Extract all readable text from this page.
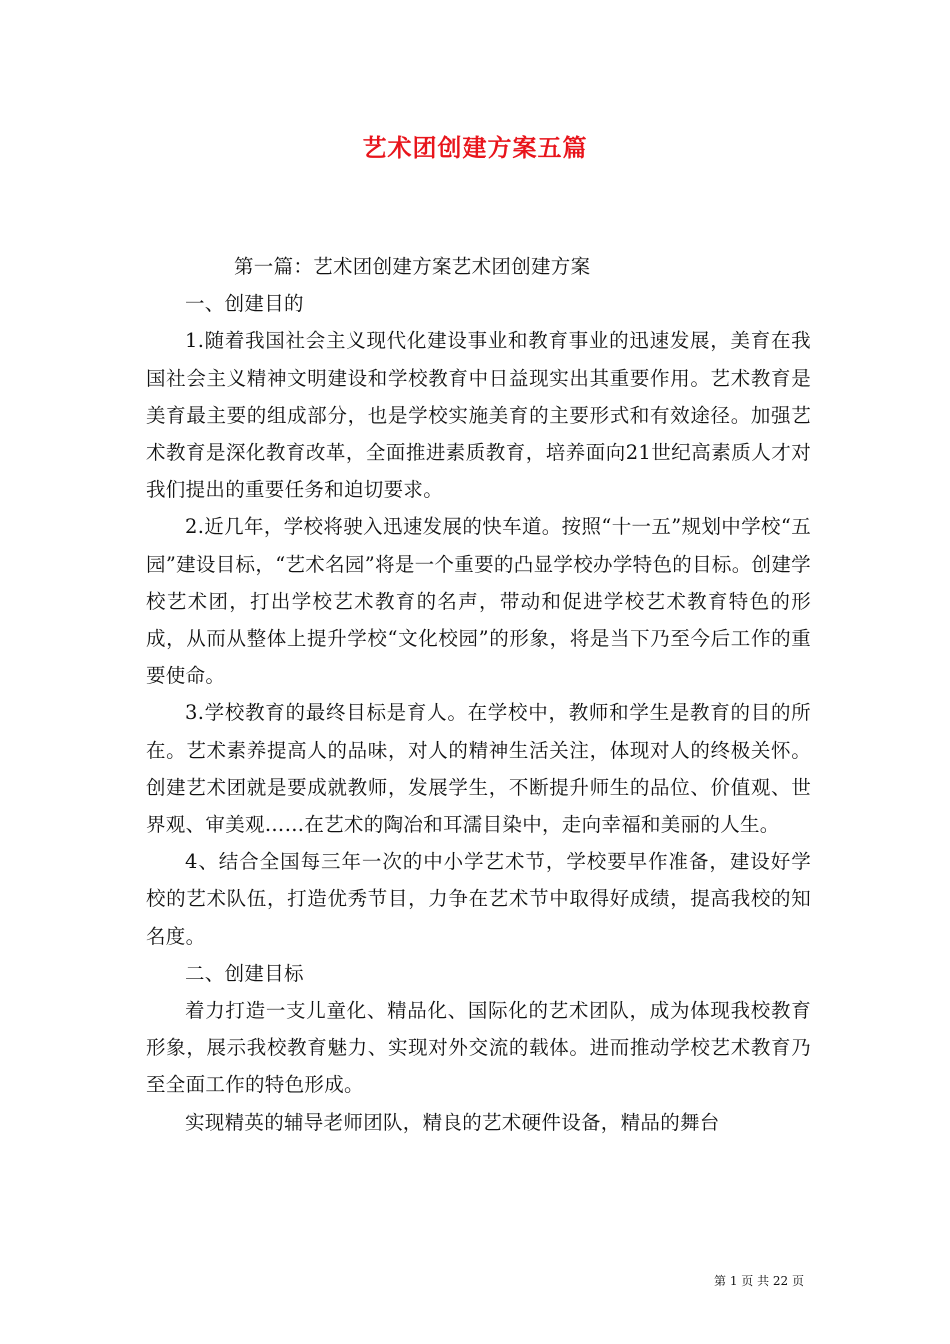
艺术团创建方案五篇

第一篇：艺术团创建方案艺术团创建方案

一、创建目的

1.随着我国社会主义现代化建设事业和教育事业的迅速发展，美育在我国社会主义精神文明建设和学校教育中日益现实出其重要作用。艺术教育是美育最主要的组成部分，也是学校实施美育的主要形式和有效途径。加强艺术教育是深化教育改革，全面推进素质教育，培养面向21世纪高素质人才对我们提出的重要任务和迫切要求。

2.近几年，学校将驶入迅速发展的快车道。按照“十一五”规划中学校“五园”建设目标，“艺术名园”将是一个重要的凸显学校办学特色的目标。创建学校艺术团，打出学校艺术教育的名声，带动和促进学校艺术教育特色的形成，从而从整体上提升学校“文化校园”的形象，将是当下乃至今后工作的重要使命。

3.学校教育的最终目标是育人。在学校中，教师和学生是教育的目的所在。艺术素养提高人的品味，对人的精神生活关注，体现对人的终极关怀。创建艺术团就是要成就教师，发展学生，不断提升师生的品位、价值观、世界观、审美观……在艺术的陶冶和耳濡目染中，走向幸福和美丽的人生。

4、结合全国每三年一次的中小学艺术节，学校要早作准备，建设好学校的艺术队伍，打造优秀节目，力争在艺术节中取得好成绩，提高我校的知名度。

二、创建目标

着力打造一支儿童化、精品化、国际化的艺术团队，成为体现我校教育形象，展示我校教育魅力、实现对外交流的载体。进而推动学校艺术教育乃至全面工作的特色形成。

实现精英的辅导老师团队，精良的艺术硬件设备，精品的舞台

第 1 页 共 22 页
